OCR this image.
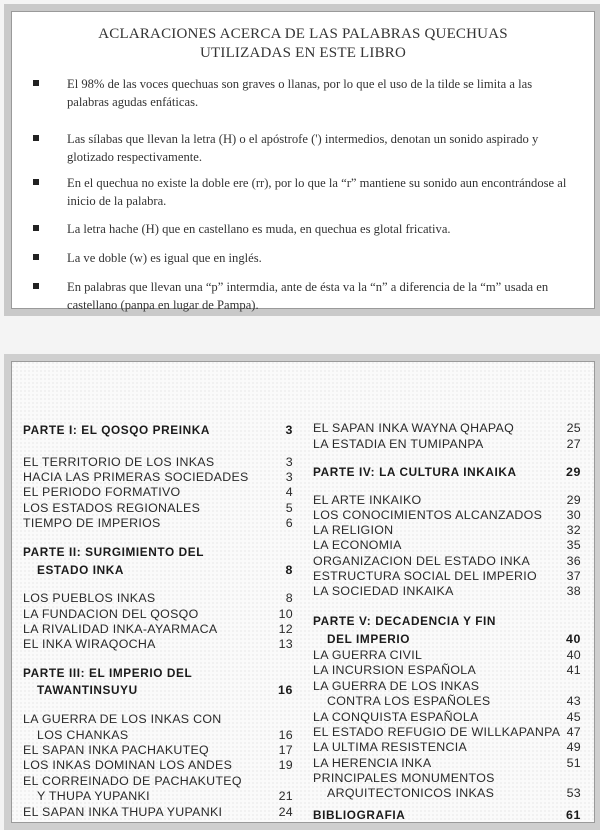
ACLARACIONES ACERCA DE LAS PALABRAS QUECHUAS
UTILIZADAS EN ESTE LIBRO
El 98% de las voces quechuas son graves o llanas, por lo que el uso de la tilde se limita a las palabras agudas enfáticas.
Las sílabas que llevan la letra (H) o el apóstrofe (') intermedios, denotan un sonido aspirado y glotizado respectivamente.
En el quechua no existe la doble ere (rr), por lo que la “r” mantiene su sonido aun encontrándose al inicio de la palabra.
La letra hache (H) que en castellano es muda, en quechua es glotal fricativa.
La ve doble (w) es igual que en inglés.
En palabras que llevan una “p” intermdia, ante de ésta va la “n” a diferencia de la “m” usada en castellano (panpa en lugar de Pampa).
PARTE I: EL QOSQO PREINKA	3
EL TERRITORIO DE LOS INKAS	3
HACIA LAS PRIMERAS SOCIEDADES	3
EL PERIODO FORMATIVO	4
LOS ESTADOS REGIONALES	5
TIEMPO DE IMPERIOS	6
PARTE II: SURGIMIENTO DEL
ESTADO INKA	8
LOS PUEBLOS INKAS	8
LA FUNDACION DEL QOSQO	10
LA RIVALIDAD INKA-AYARMACA	12
EL INKA WIRAQOCHA	13
PARTE III: EL IMPERIO DEL
TAWANTINSUYU	16
LA GUERRA DE LOS INKAS CON
LOS CHANKAS	16
EL SAPAN INKA PACHAKUTEQ	17
LOS INKAS DOMINAN LOS ANDES	19
EL CORREINADO DE PACHAKUTEQ
Y THUPA YUPANKI	21
EL SAPAN INKA THUPA YUPANKI	24
EL SAPAN INKA WAYNA QHAPAQ	25
LA ESTADIA EN TUMIPANPA	27
PARTE IV: LA CULTURA INKAIKA	29
EL ARTE INKAIKO	29
LOS CONOCIMIENTOS ALCANZADOS 30
LA RELIGION	32
LA ECONOMIA	35
ORGANIZACION DEL ESTADO INKA	36
ESTRUCTURA SOCIAL DEL IMPERIO 37
LA SOCIEDAD INKAIKA	38
PARTE V: DECADENCIA Y FIN
DEL IMPERIO	40
LA GUERRA CIVIL	40
LA INCURSION ESPAÑOLA	41
LA GUERRA DE LOS INKAS
CONTRA LOS ESPAÑOLES	43
LA CONQUISTA ESPAÑOLA	45
EL ESTADO REFUGIO DE WILLKAPANPA 47
LA ULTIMA RESISTENCIA	49
LA HERENCIA INKA	51
PRINCIPALES MONUMENTOS
ARQUITECTONICOS INKAS	53
BIBLIOGRAFIA	61
